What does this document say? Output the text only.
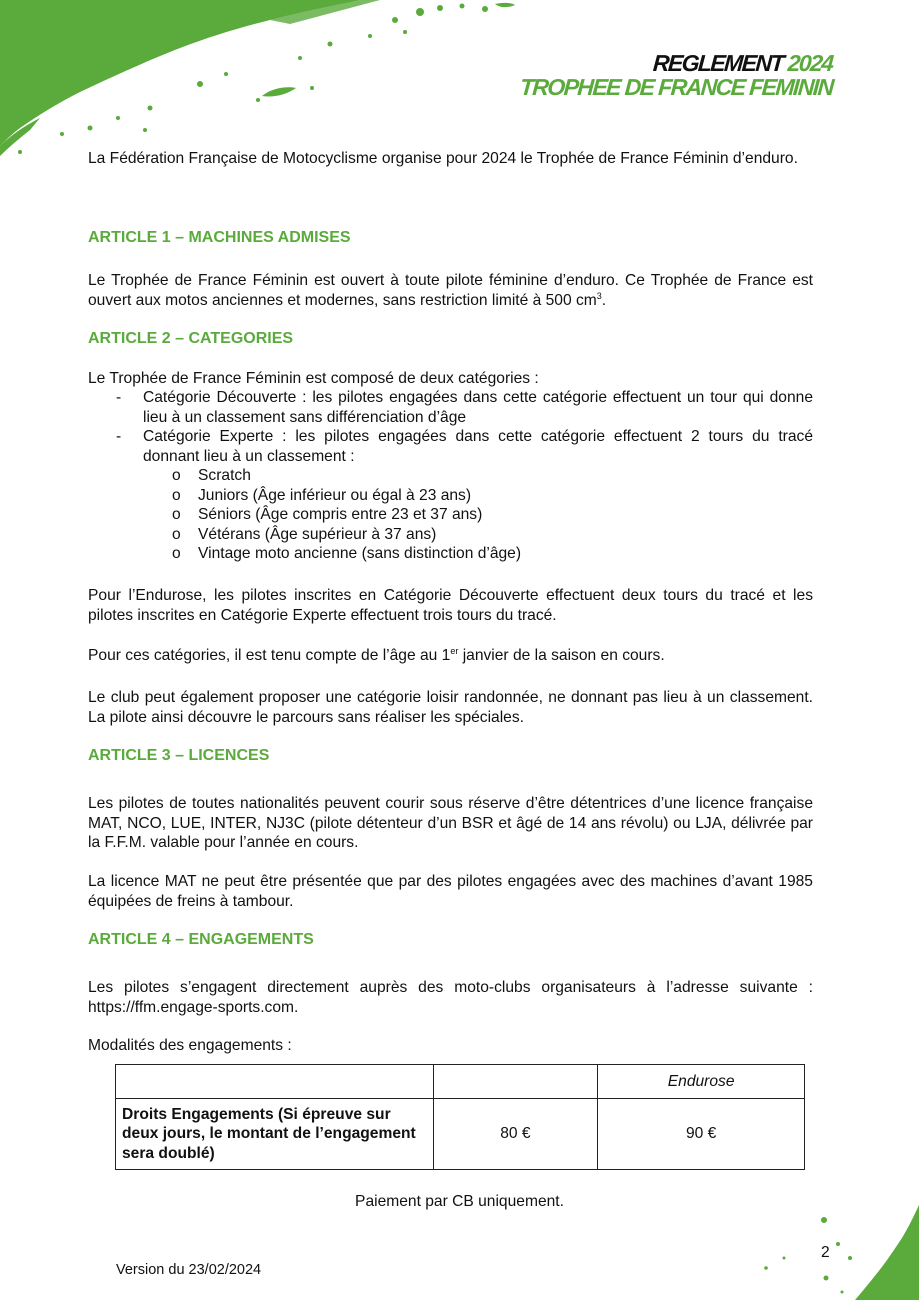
REGLEMENT 2024
TROPHEE DE FRANCE FEMININ
La Fédération Française de Motocyclisme organise pour 2024 le Trophée de France Féminin d’enduro.
ARTICLE 1 – MACHINES ADMISES
Le Trophée de France Féminin est ouvert à toute pilote féminine d’enduro. Ce Trophée de France est ouvert aux motos anciennes et modernes, sans restriction limité à 500 $cm^3$.
ARTICLE 2 – CATEGORIES
Le Trophée de France Féminin est composé de deux catégories :
- Catégorie Découverte : les pilotes engagées dans cette catégorie effectuent un tour qui donne lieu à un classement sans différenciation d’âge
- Catégorie Experte : les pilotes engagées dans cette catégorie effectuent 2 tours du tracé donnant lieu à un classement :
o Scratch
o Juniors (Âge inférieur ou égal à 23 ans)
o Séniors (Âge compris entre 23 et 37 ans)
o Vétérans (Âge supérieur à 37 ans)
o Vintage moto ancienne (sans distinction d’âge)
Pour l’Endurose, les pilotes inscrites en Catégorie Découverte effectuent deux tours du tracé et les pilotes inscrites en Catégorie Experte effectuent trois tours du tracé.
Pour ces catégories, il est tenu compte de l’âge au 1er janvier de la saison en cours.
Le club peut également proposer une catégorie loisir randonnée, ne donnant pas lieu à un classement. La pilote ainsi découvre le parcours sans réaliser les spéciales.
ARTICLE 3 – LICENCES
Les pilotes de toutes nationalités peuvent courir sous réserve d’être détentrices d’une licence française MAT, NCO, LUE, INTER, NJ3C (pilote détenteur d’un BSR et âgé de 14 ans révolu) ou LJA, délivrée par la F.F.M. valable pour l’année en cours.
La licence MAT ne peut être présentée que par des pilotes engagées avec des machines d’avant 1985 équipées de freins à tambour.
ARTICLE 4 – ENGAGEMENTS
Les pilotes s’engagent directement auprès des moto-clubs organisateurs à l’adresse suivante : https://ffm.engage-sports.com.
Modalités des engagements :
		Endurose
Droits Engagements (Si épreuve sur deux jours, le montant de l’engagement sera doublé)	80 €	90 €
Paiement par CB uniquement.
2
Version du 23/02/2024
